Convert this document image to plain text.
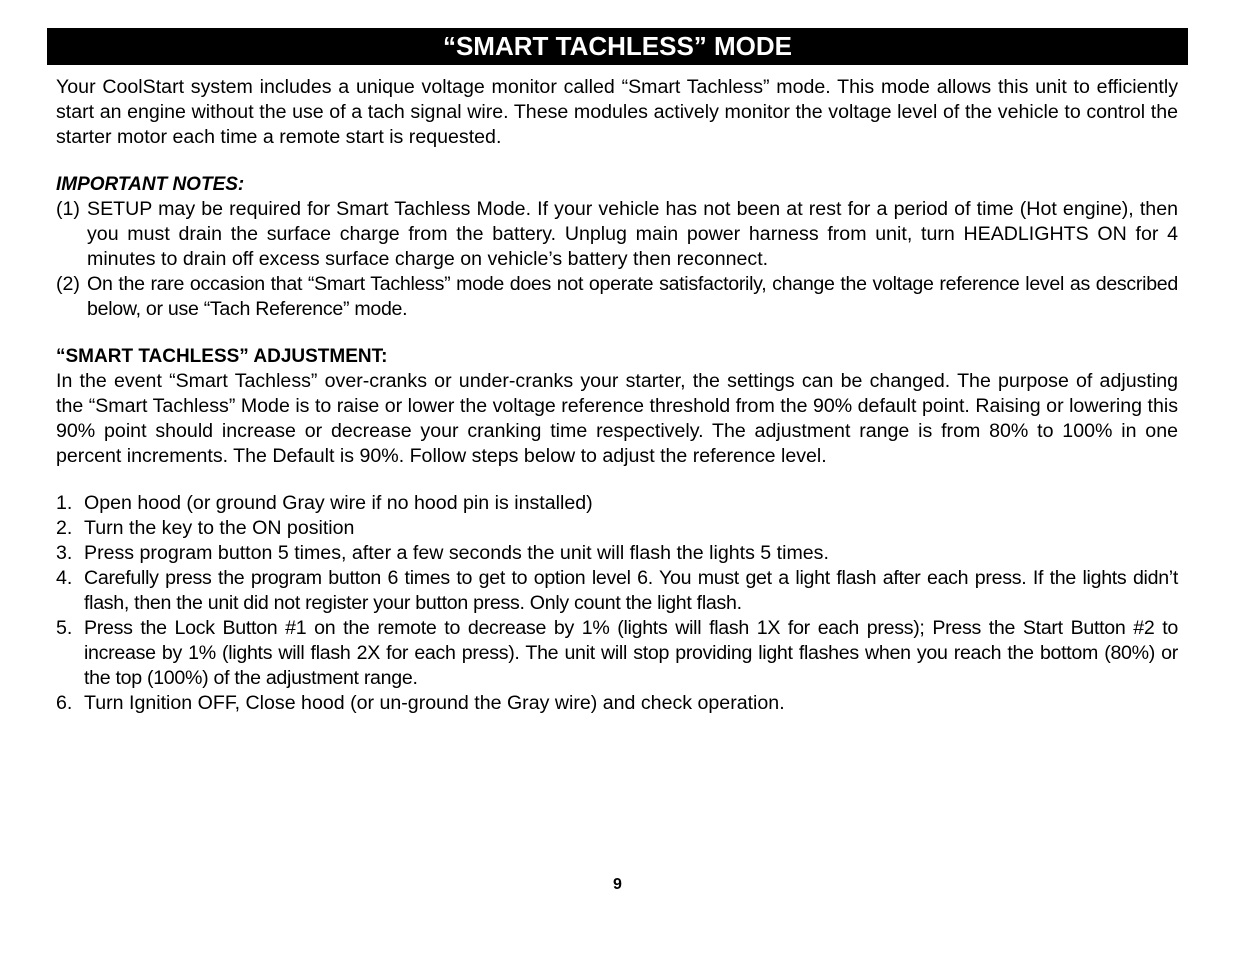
“SMART TACHLESS” MODE

Your CoolStart system includes a unique voltage monitor called “Smart Tachless” mode. This mode allows this unit to efficiently start an engine without the use of a tach signal wire. These modules actively monitor the voltage level of the vehicle to control the starter motor each time a remote start is requested.

IMPORTANT NOTES:

(1) SETUP may be required for Smart Tachless Mode. If your vehicle has not been at rest for a period of time (Hot engine), then you must drain the surface charge from the battery. Unplug main power harness from unit, turn HEADLIGHTS ON for 4 minutes to drain off excess surface charge on vehicle’s battery then reconnect.
(2) On the rare occasion that “Smart Tachless” mode does not operate satisfactorily, change the voltage reference level as described below, or use “Tach Reference” mode.

“SMART TACHLESS” ADJUSTMENT:

In the event “Smart Tachless” over-cranks or under-cranks your starter, the settings can be changed. The purpose of adjusting the “Smart Tachless” Mode is to raise or lower the voltage reference threshold from the 90% default point. Raising or lowering this 90% point should increase or decrease your cranking time respectively. The adjustment range is from 80% to 100% in one percent increments. The Default is 90%. Follow steps below to adjust the reference level.

1. Open hood (or ground Gray wire if no hood pin is installed)
2. Turn the key to the ON position
3. Press program button 5 times, after a few seconds the unit will flash the lights 5 times.
4. Carefully press the program button 6 times to get to option level 6. You must get a light flash after each press. If the lights didn’t flash, then the unit did not register your button press. Only count the light flash.
5. Press the Lock Button #1 on the remote to decrease by 1% (lights will flash 1X for each press); Press the Start Button #2 to increase by 1% (lights will flash 2X for each press). The unit will stop providing light flashes when you reach the bottom (80%) or the top (100%) of the adjustment range.
6. Turn Ignition OFF, Close hood (or un-ground the Gray wire) and check operation.
9
